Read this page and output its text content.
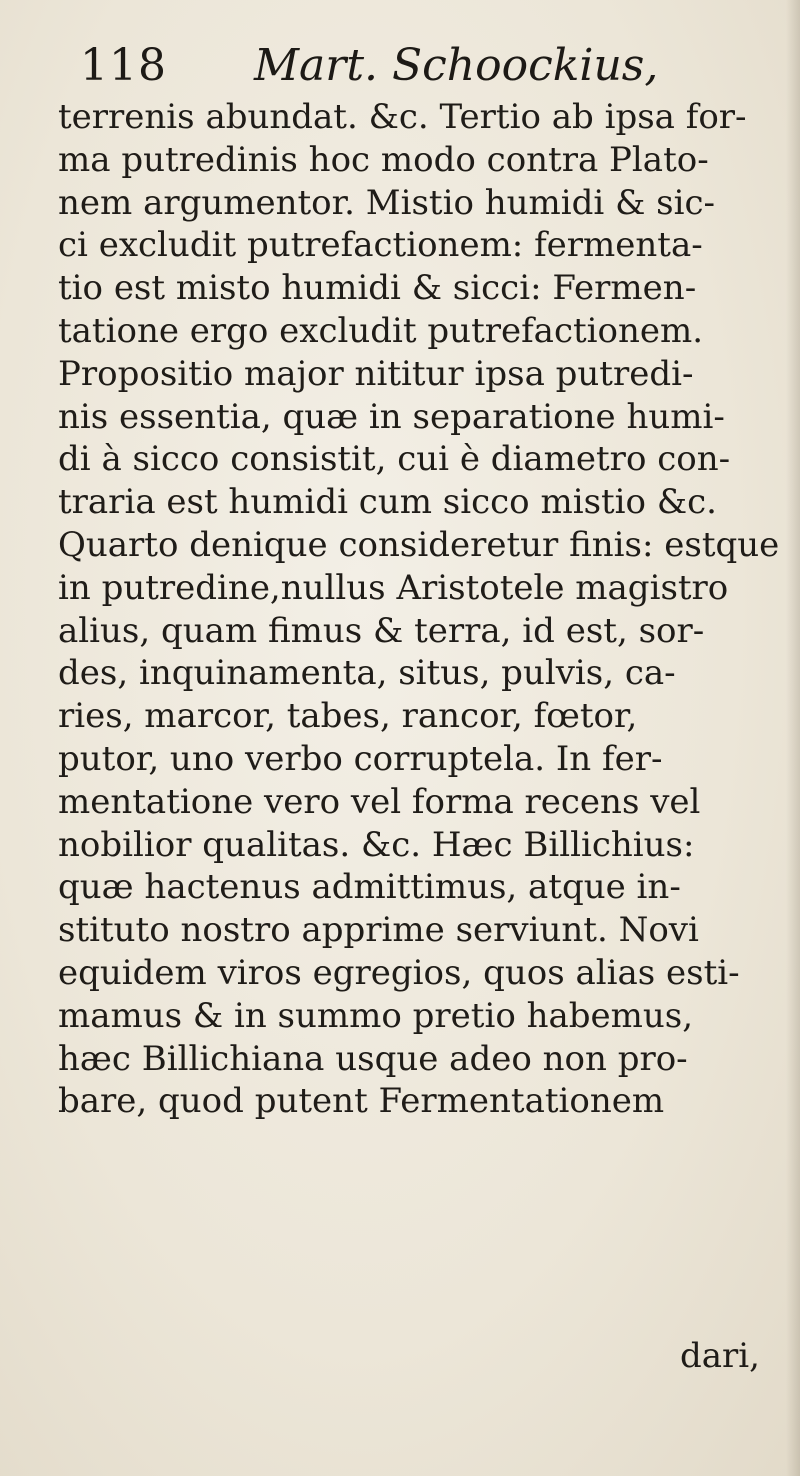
118 Mart. Schoockius,
terrenis abundat. &c. Tertio ab ipsa for-
ma putredinis hoc modo contra Plato-
nem argumentor. Mistio humidi & sic-
ci excludit putrefactionem: fermenta-
tio est misto humidi & sicci: Fermen-
tatione ergo excludit putrefactionem.
Propositio major nititur ipsa putredi-
nis essentia, quæ in separatione humi-
di à sicco consistit, cui è diametro con-
traria est humidi cum sicco mistio &c.
Quarto denique consideretur finis: estque
in putredine,nullus Aristotele magistro
alius, quam fimus & terra, id est, sor-
des, inquinamenta, situs, pulvis, ca-
ries, marcor, tabes, rancor, fœtor,
putor, uno verbo corruptela. In fer-
mentatione vero vel forma recens vel
nobilior qualitas. &c. Hæc Billichius:
quæ hactenus admittimus, atque in-
stituto nostro apprime serviunt. Novi
equidem viros egregios, quos alias esti-
mamus & in summo pretio habemus,
hæc Billichiana usque adeo non pro-
bare, quod putent Fermentationem
dari,
